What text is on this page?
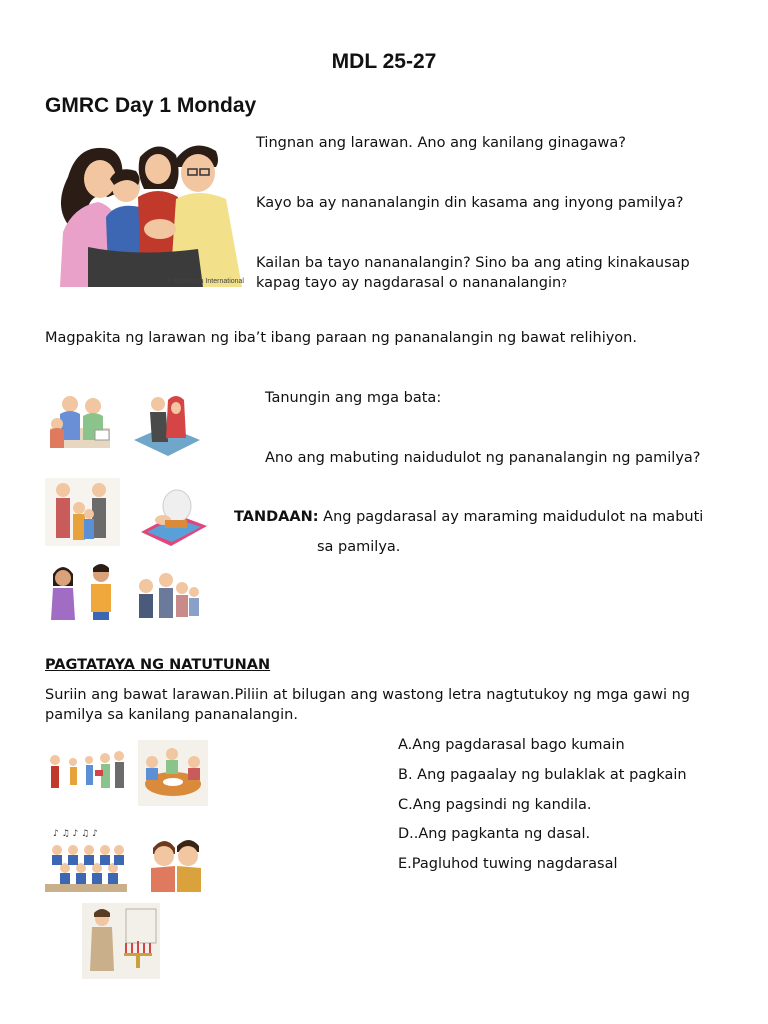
MDL 25-27
GMRC Day 1 Monday
© Unlimash International
Tingnan ang larawan. Ano ang kanilang ginagawa?
Kayo ba ay nananalangin din kasama ang inyong pamilya?
Kailan ba tayo nananalangin? Sino ba ang ating kinakausap
kapag tayo ay nagdarasal o nananalangin?
Magpakita ng larawan ng iba’t ibang paraan ng pananalangin ng bawat relihiyon.
Tanungin ang mga bata:
Ano ang mabuting naidudulot ng pananalangin ng pamilya?
TANDAAN: Ang pagdarasal ay maraming maidudulot na mabuti
sa pamilya.
PAGTATAYA NG NATUTUNAN
Suriin ang bawat larawan.Piliin at bilugan ang wastong letra nagtutukoy ng mga gawi ng
pamilya sa kanilang pananalangin.
♪ ♫ ♪ ♫ ♪
A.Ang pagdarasal bago kumain
B. Ang pagaalay ng bulaklak at pagkain
C.Ang pagsindi ng kandila.
D..Ang pagkanta ng dasal.
E.Pagluhod tuwing nagdarasal
